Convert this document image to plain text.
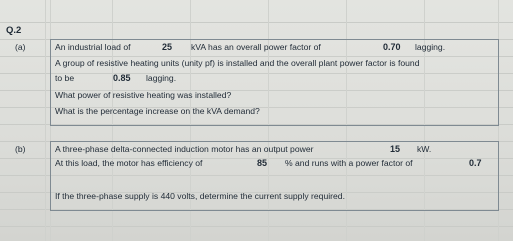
Q.2
(a)	An industrial load of	25 kVA has an overall power factor of	0.70 lagging.
A group of resistive heating units (unity pf) is installed and the overall plant power factor is found
to be	0.85 lagging.
What power of resistive heating was installed?
What is the percentage increase on the kVA demand?
(b)	A three-phase delta-connected induction motor has an output power	15 kW.
At this load, the motor has efficiency of	85 % and runs with a power factor of	0.7
If the three-phase supply is 440 volts, determine the current supply required.
